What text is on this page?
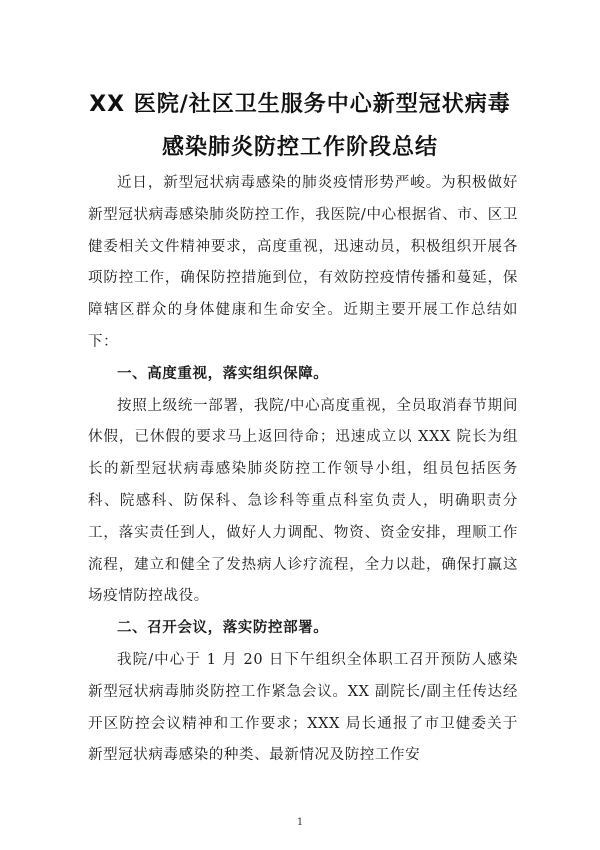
XX 医院/社区卫生服务中心新型冠状病毒
感染肺炎防控工作阶段总结

近日，新型冠状病毒感染的肺炎疫情形势严峻。为积极做好新型冠状病毒感染肺炎防控工作，我医院/中心根据省、市、区卫健委相关文件精神要求，高度重视，迅速动员，积极组织开展各项防控工作，确保防控措施到位，有效防控疫情传播和蔓延，保障辖区群众的身体健康和生命安全。近期主要开展工作总结如下：

一、高度重视，落实组织保障。

按照上级统一部署，我院/中心高度重视，全员取消春节期间休假，已休假的要求马上返回待命；迅速成立以 XXX 院长为组长的新型冠状病毒感染肺炎防控工作领导小组，组员包括医务科、院感科、防保科、急诊科等重点科室负责人，明确职责分工，落实责任到人，做好人力调配、物资、资金安排，理顺工作流程，建立和健全了发热病人诊疗流程，全力以赴，确保打赢这场疫情防控战役。

二、召开会议，落实防控部署。

我院/中心于 1 月 20 日下午组织全体职工召开预防人感染新型冠状病毒肺炎防控工作紧急会议。XX 副院长/副主任传达经开区防控会议精神和工作要求；XXX 局长通报了市卫健委关于新型冠状病毒感染的种类、最新情况及防控工作安

1
